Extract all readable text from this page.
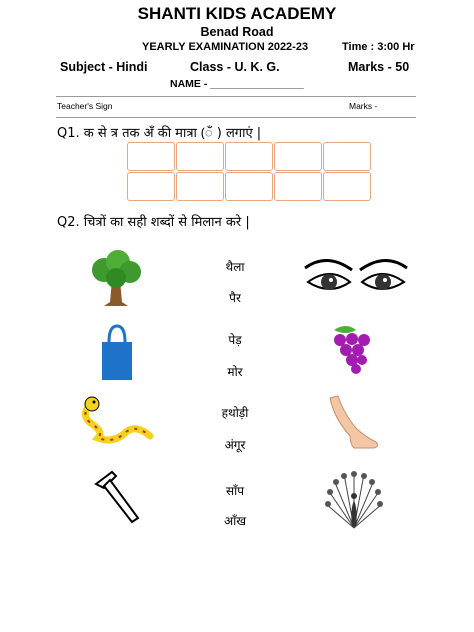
SHANTI KIDS ACADEMY
Benad Road
YEARLY EXAMINATION 2022-23	Time : 3:00 Hr
Subject - Hindi	Class - U. K. G.	Marks - 50
NAME - ________________
Teacher's Sign	Marks -
Q1. क से त्र तक अँ की मात्रा (ँ ) लगाएं |
Q2. चित्रों का सही शब्दों से मिलान करे |
थैला
पैर
पेड़
मोर
हथोड़ी
अंगूर
साँप
आँख
